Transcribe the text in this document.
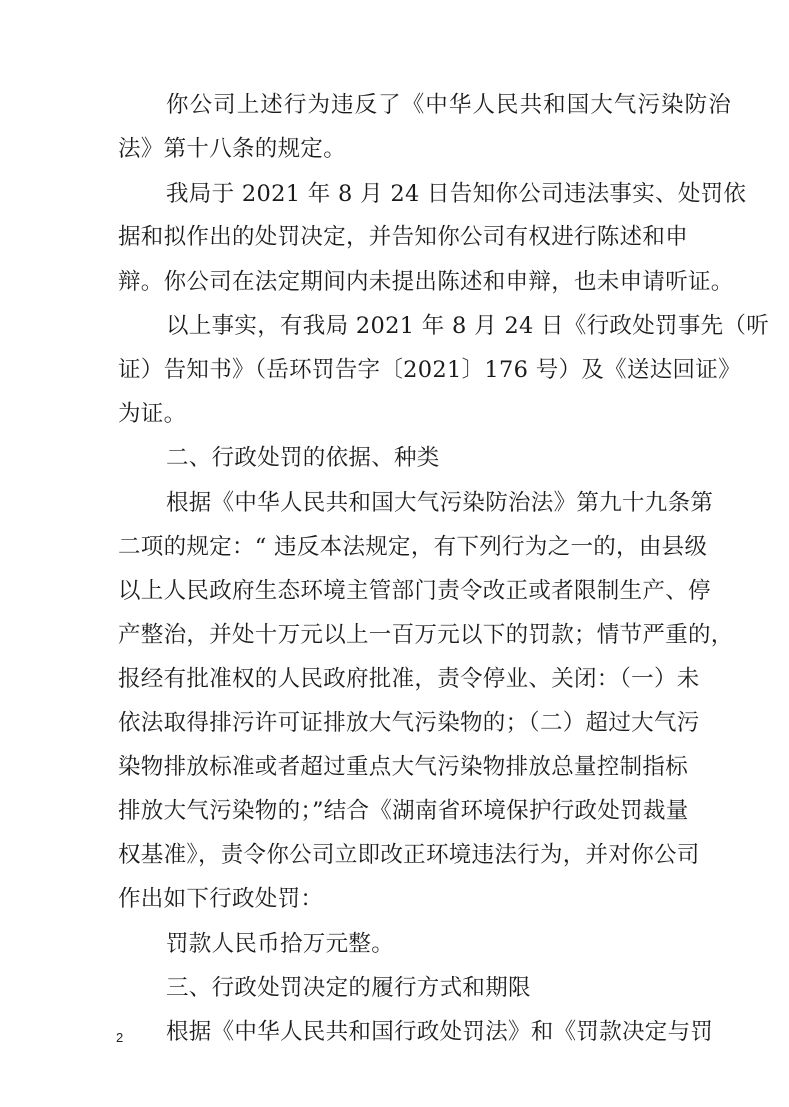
你公司上述行为违反了《中华人民共和国大气污染防治
法》第十八条的规定。
我局于 2021 年 8 月 24 日告知你公司违法事实、处罚依
据和拟作出的处罚决定，并告知你公司有权进行陈述和申
辩。你公司在法定期间内未提出陈述和申辩，也未申请听证。
以上事实，有我局 2021 年 8 月 24 日《行政处罚事先（听
证）告知书》（岳环罚告字〔2021〕176 号）及《送达回证》
为证。
二、行政处罚的依据、种类
根据《中华人民共和国大气污染防治法》第九十九条第
二项的规定：“ 违反本法规定，有下列行为之一的，由县级
以上人民政府生态环境主管部门责令改正或者限制生产、停
产整治，并处十万元以上一百万元以下的罚款；情节严重的，
报经有批准权的人民政府批准，责令停业、关闭：（一）未
依法取得排污许可证排放大气污染物的；（二）超过大气污
染物排放标准或者超过重点大气污染物排放总量控制指标
排放大气污染物的；”结合《湖南省环境保护行政处罚裁量
权基准》，责令你公司立即改正环境违法行为，并对你公司
作出如下行政处罚：
罚款人民币拾万元整。
三、行政处罚决定的履行方式和期限
根据《中华人民共和国行政处罚法》和《罚款决定与罚
2
